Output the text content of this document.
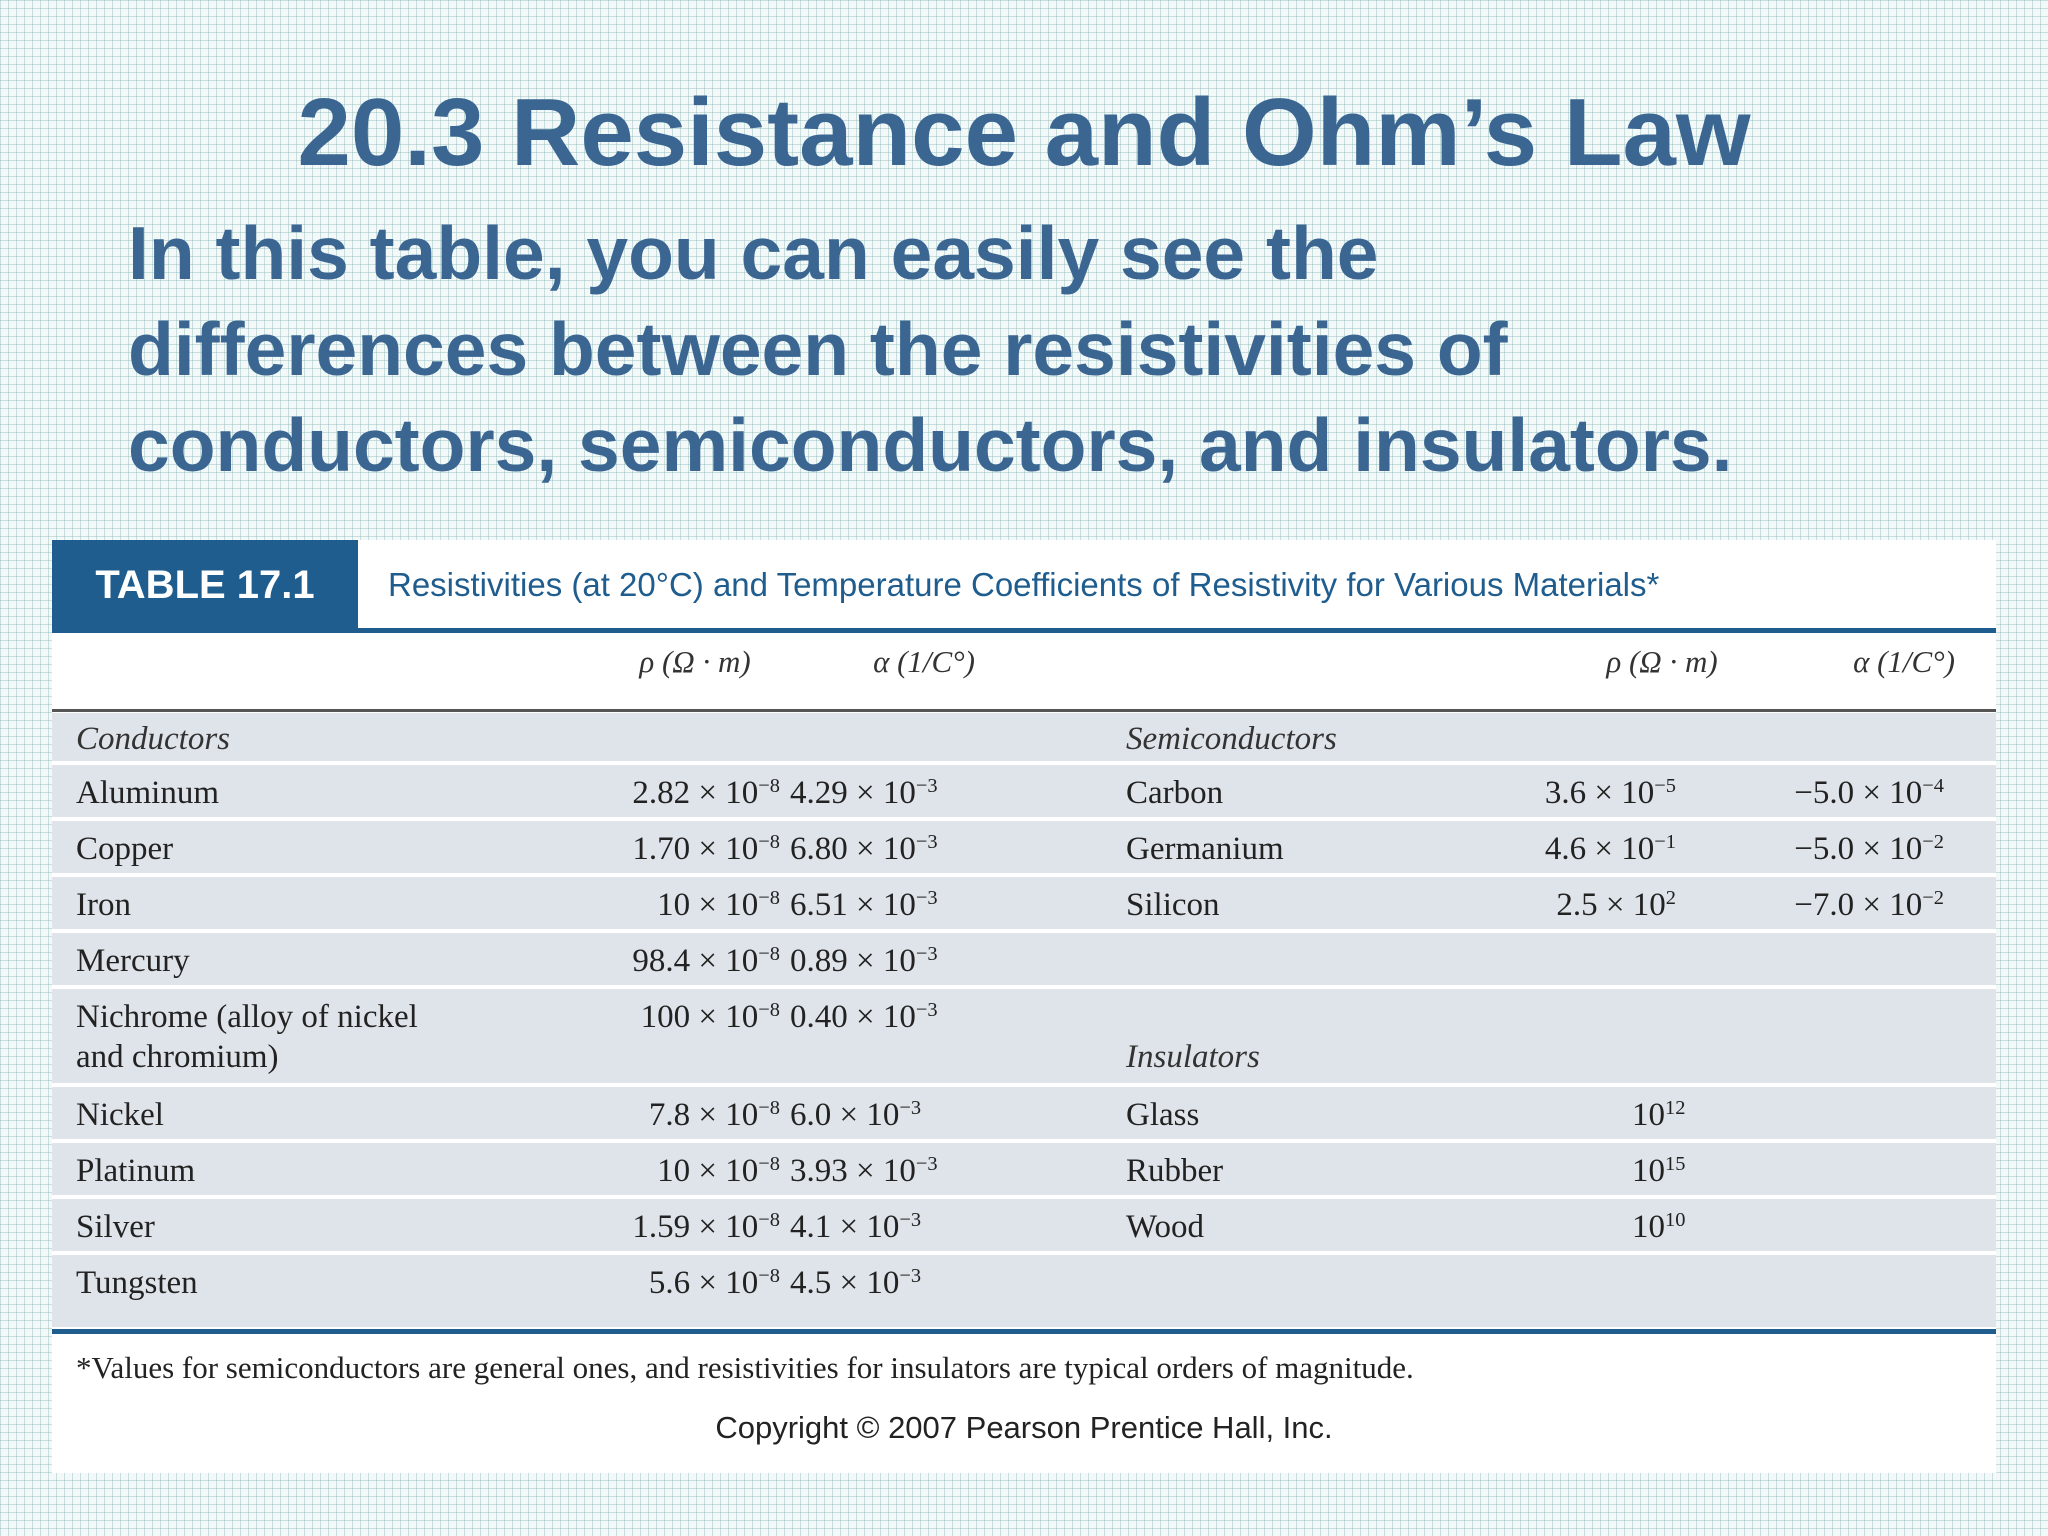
20.3 Resistance and Ohm’s Law
In this table, you can easily see the
differences between the resistivities of
conductors, semiconductors, and insulators.
TABLE 17.1	Resistivities (at 20°C) and Temperature Coefficients of Resistivity for Various Materials*
ρ (Ω · m)	α (1/C°)	ρ (Ω · m)	α (1/C°)
Conductors	Semiconductors
Aluminum	$2.82 \times 10^{-8}$ $4.29 \times 10^{-3}$	Carbon	$3.6 \times 10^{-5}$	$-5.0 \times 10^{-4}$
Copper	$1.70 \times 10^{-8}$ $6.80 \times 10^{-3}$	Germanium	$4.6 \times 10^{-1}$	$-5.0 \times 10^{-2}$
Iron	$10 \times 10^{-8}$ $6.51 \times 10^{-3}$	Silicon	$2.5 \times 10^2$	$-7.0 \times 10^{-2}$
Mercury	$98.4 \times 10^{-8}$ $0.89 \times 10^{-3}$
Nichrome (alloy of nickel
and chromium)
$100 \times 10^{-8}$ $0.40 \times 10^{-3}$
Insulators
Nickel	$7.8 \times 10^{-8}$ $6.0 \times 10^{-3}$	Glass	$10^{12}$
Platinum	$10 \times 10^{-8}$ $3.93 \times 10^{-3}$	Rubber	$10^{15}$
Silver	$1.59 \times 10^{-8}$ $4.1 \times 10^{-3}$	Wood	$10^{10}$
Tungsten	$5.6 \times 10^{-8}$ $4.5 \times 10^{-3}$
*Values for semiconductors are general ones, and resistivities for insulators are typical orders of magnitude.
Copyright © 2007 Pearson Prentice Hall, Inc.
